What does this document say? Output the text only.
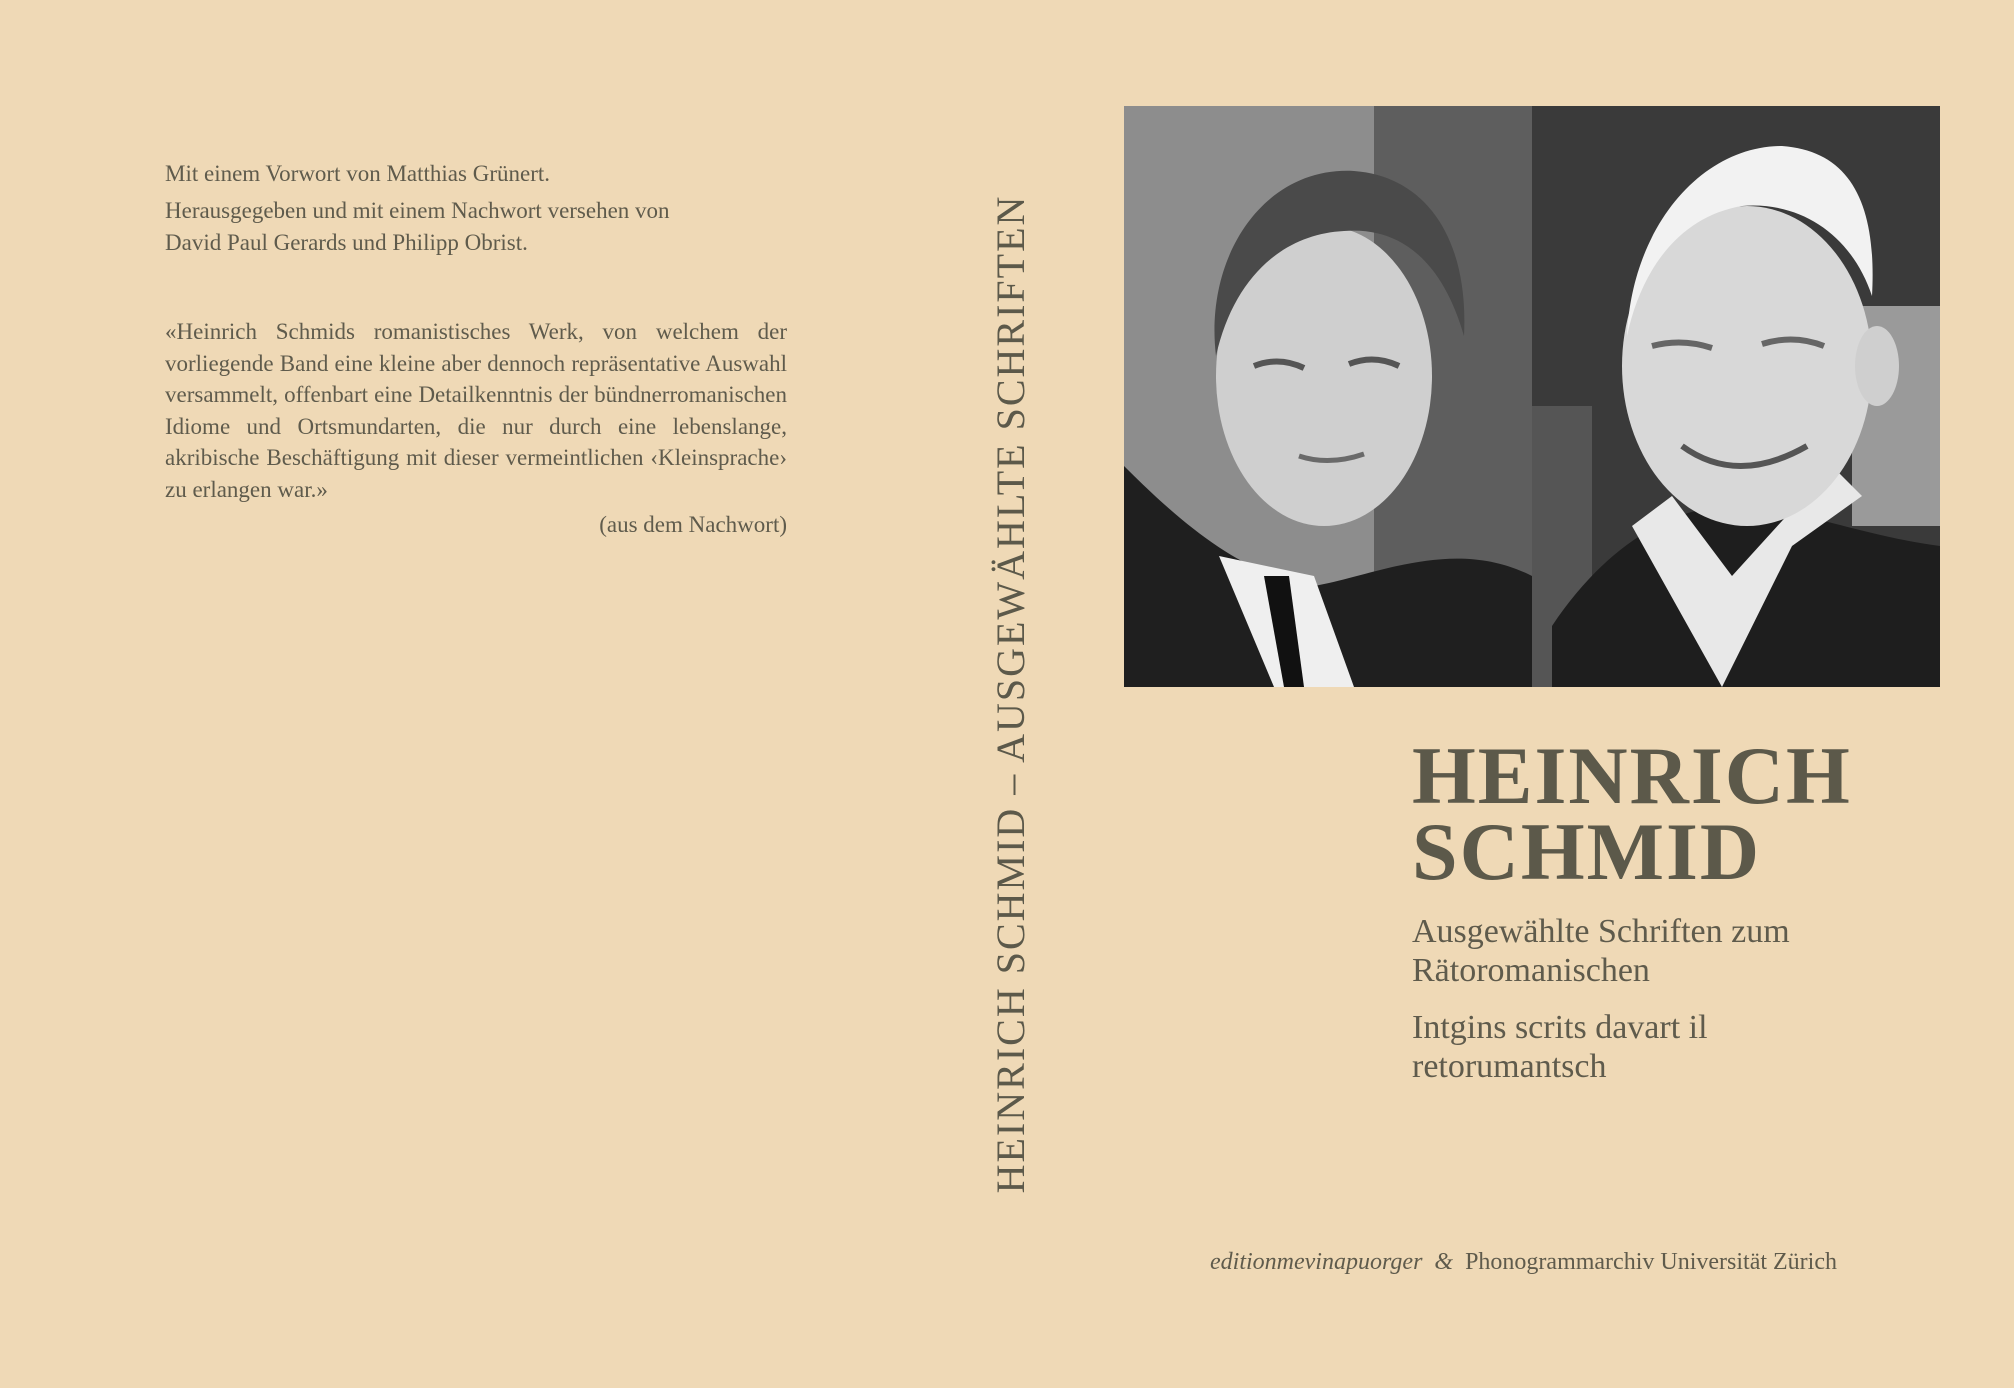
Mit einem Vorwort von Matthias Grünert.

Herausgegeben und mit einem Nachwort versehen von

David Paul Gerards und Philipp Obrist.

«Heinrich Schmids romanistisches Werk, von welchem der vorliegende Band eine kleine aber dennoch repräsentative Auswahl versammelt, offenbart eine Detailkenntnis der bündnerromanischen Idiome und Ortsmundarten, die nur durch eine lebenslange, akribische Beschäftigung mit dieser vermeintlichen ‹Kleinsprache› zu erlangen war.»
(aus dem Nachwort)	HEINRICH SCHMID – AUSGEWÄHLTE SCHRIFTEN	HEINRICH
SCHMID
Ausgewählte Schriften zum
Rätoromanischen
Intgins scrits davart il
retorumantsch
editionmevinapuorger & Phonogrammarchiv Universität Zürich
